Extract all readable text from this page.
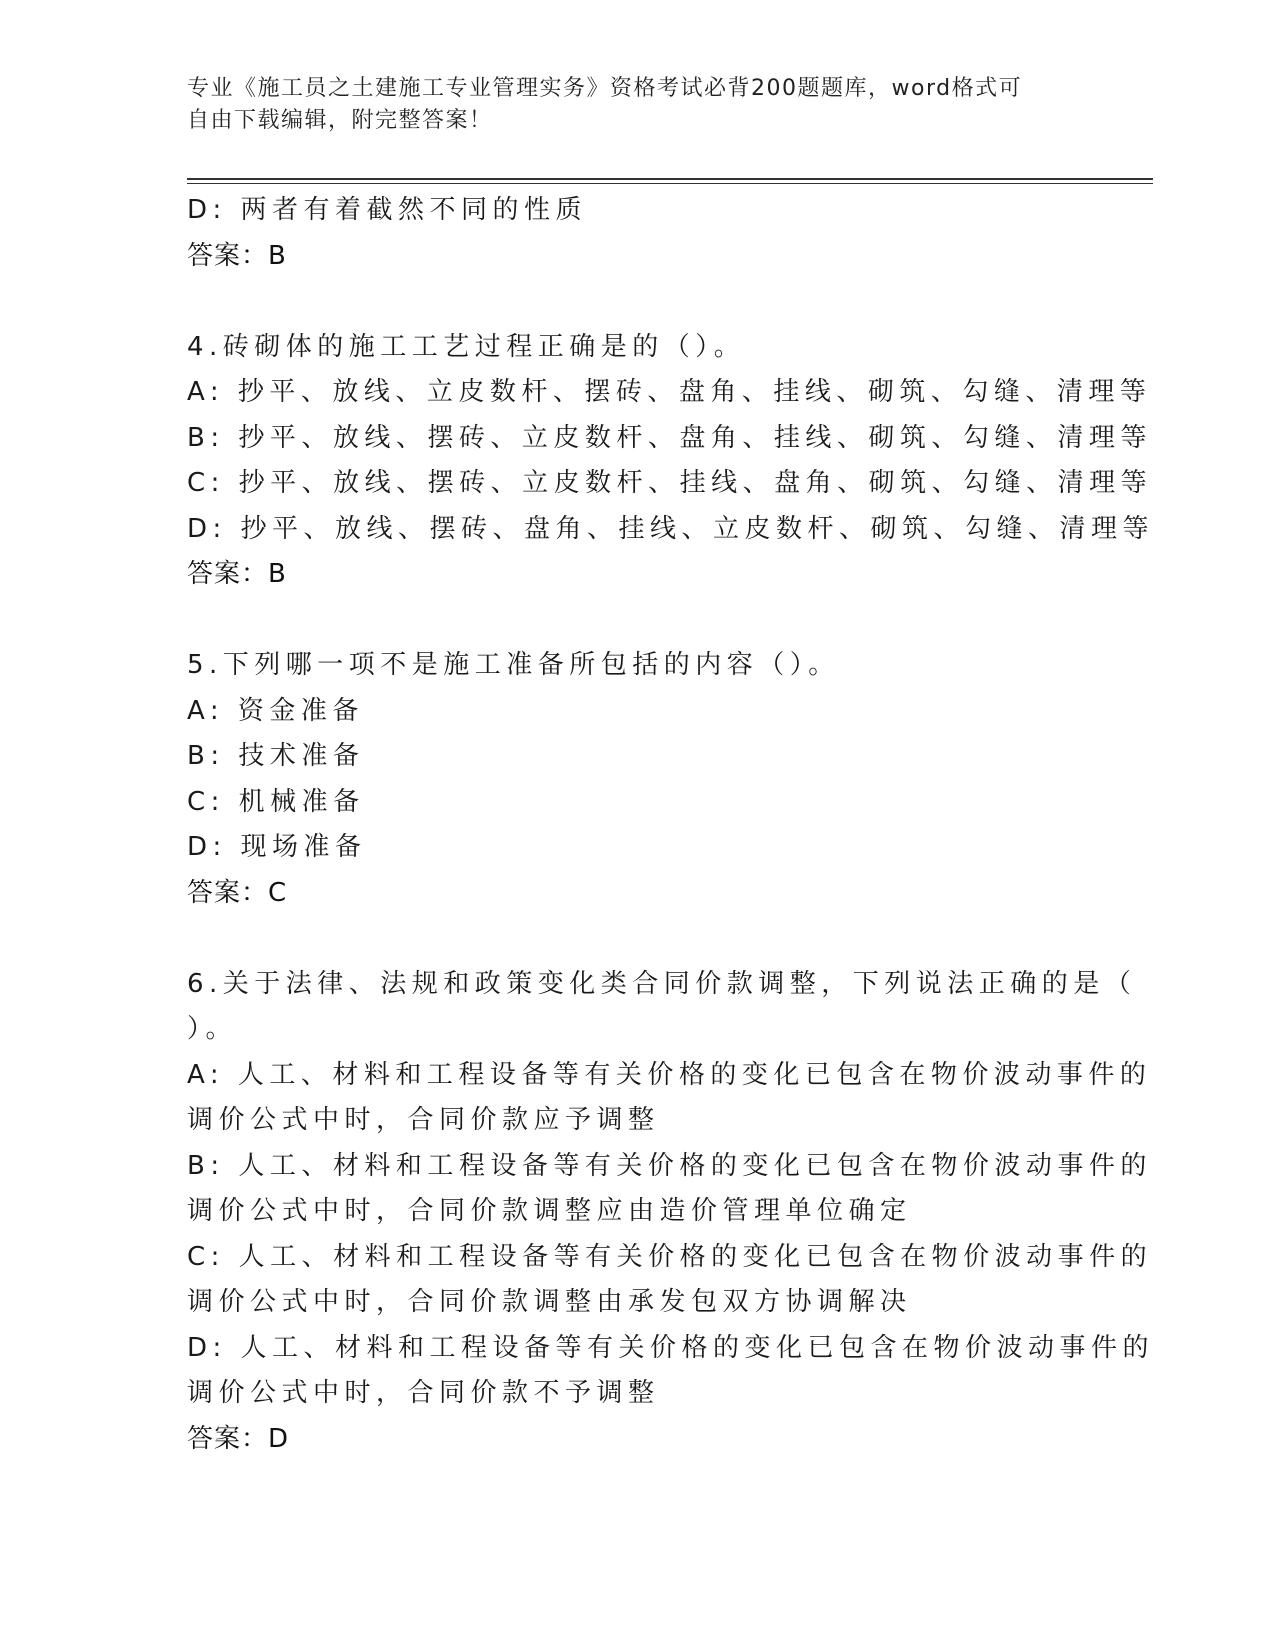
专业《施工员之土建施工专业管理实务》资格考试必背200题题库，word格式可
自由下载编辑，附完整答案！
D: 两者有着截然不同的性质
答案：B
4.砖砌体的施工工艺过程正确是的（）。
A: 抄平、放线、立皮数杆、摆砖、盘角、挂线、砌筑、勾缝、清理等
B: 抄平、放线、摆砖、立皮数杆、盘角、挂线、砌筑、勾缝、清理等
C: 抄平、放线、摆砖、立皮数杆、挂线、盘角、砌筑、勾缝、清理等
D: 抄平、放线、摆砖、盘角、挂线、立皮数杆、砌筑、勾缝、清理等
答案：B
5.下列哪一项不是施工准备所包括的内容（）。
A: 资金准备
B: 技术准备
C: 机械准备
D: 现场准备
答案：C
6.关于法律、法规和政策变化类合同价款调整，下列说法正确的是（
）。
A: 人工、材料和工程设备等有关价格的变化已包含在物价波动事件的
调价公式中时，合同价款应予调整
B: 人工、材料和工程设备等有关价格的变化已包含在物价波动事件的
调价公式中时，合同价款调整应由造价管理单位确定
C: 人工、材料和工程设备等有关价格的变化已包含在物价波动事件的
调价公式中时，合同价款调整由承发包双方协调解决
D: 人工、材料和工程设备等有关价格的变化已包含在物价波动事件的
调价公式中时，合同价款不予调整
答案：D
